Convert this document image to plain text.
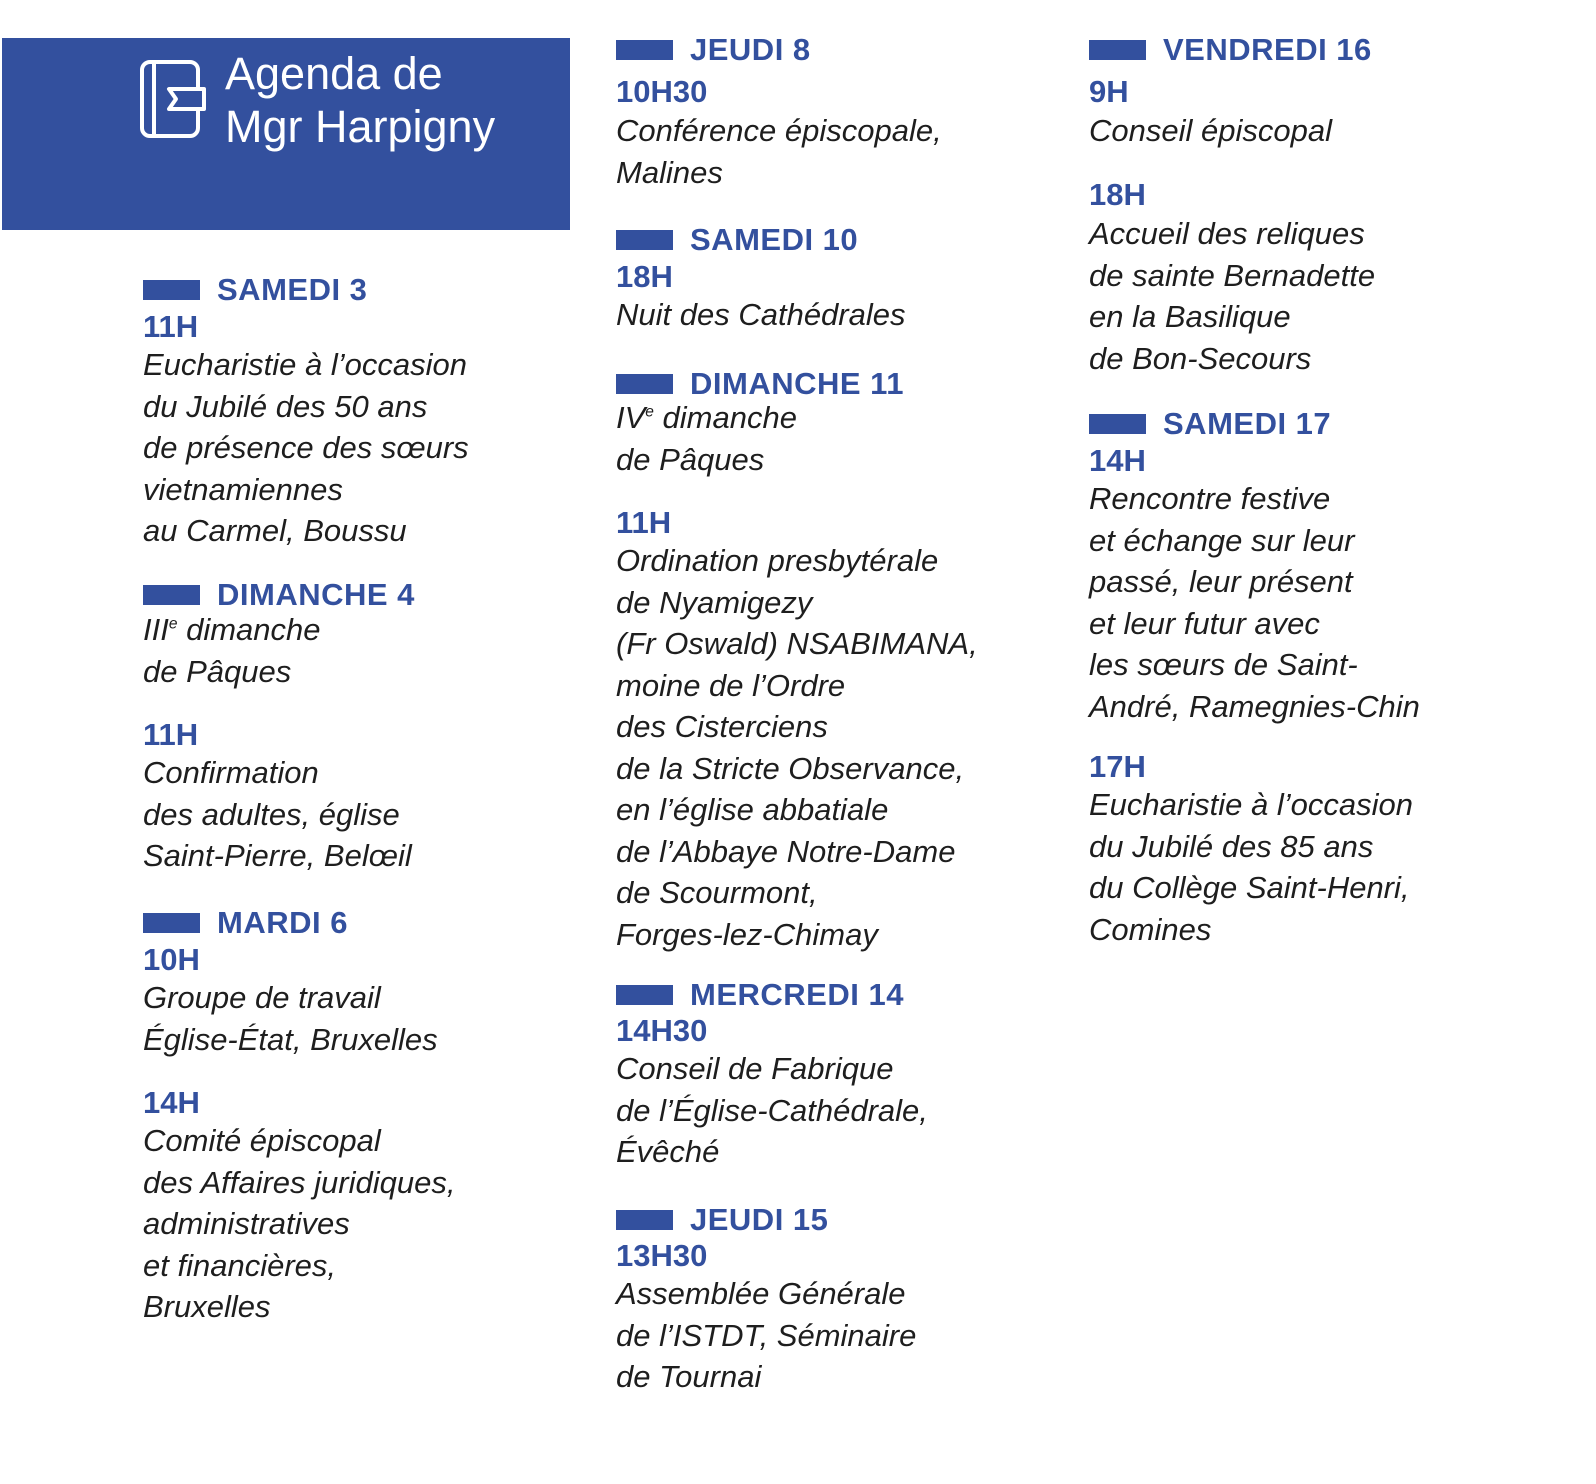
Agenda de
Mgr Harpigny
SAMEDI 3
11H
Eucharistie à l’occasion
du Jubilé des 50 ans
de présence des sœurs
vietnamiennes
au Carmel, Boussu
DIMANCHE 4
IIIe dimanche
de Pâques
11H
Confirmation
des adultes, église
Saint-Pierre, Belœil
MARDI 6
10H
Groupe de travail
Église-État, Bruxelles
14H
Comité épiscopal
des Affaires juridiques,
administratives
et financières,
Bruxelles
JEUDI 8
10H30
Conférence épiscopale,
Malines
SAMEDI 10
18H
Nuit des Cathédrales
DIMANCHE 11
IVe dimanche
de Pâques
11H
Ordination presbytérale
de Nyamigezy
(Fr Oswald) NSABIMANA,
moine de l’Ordre
des Cisterciens
de la Stricte Observance,
en l’église abbatiale
de l’Abbaye Notre-Dame
de Scourmont,
Forges-lez-Chimay
MERCREDI 14
14H30
Conseil de Fabrique
de l’Église-Cathédrale,
Évêché
JEUDI 15
13H30
Assemblée Générale
de l’ISTDT, Séminaire
de Tournai
VENDREDI 16
9H
Conseil épiscopal
18H
Accueil des reliques
de sainte Bernadette
en la Basilique
de Bon-Secours
SAMEDI 17
14H
Rencontre festive
et échange sur leur
passé, leur présent
et leur futur avec
les sœurs de Saint-
André, Ramegnies-Chin
17H
Eucharistie à l’occasion
du Jubilé des 85 ans
du Collège Saint-Henri,
Comines
